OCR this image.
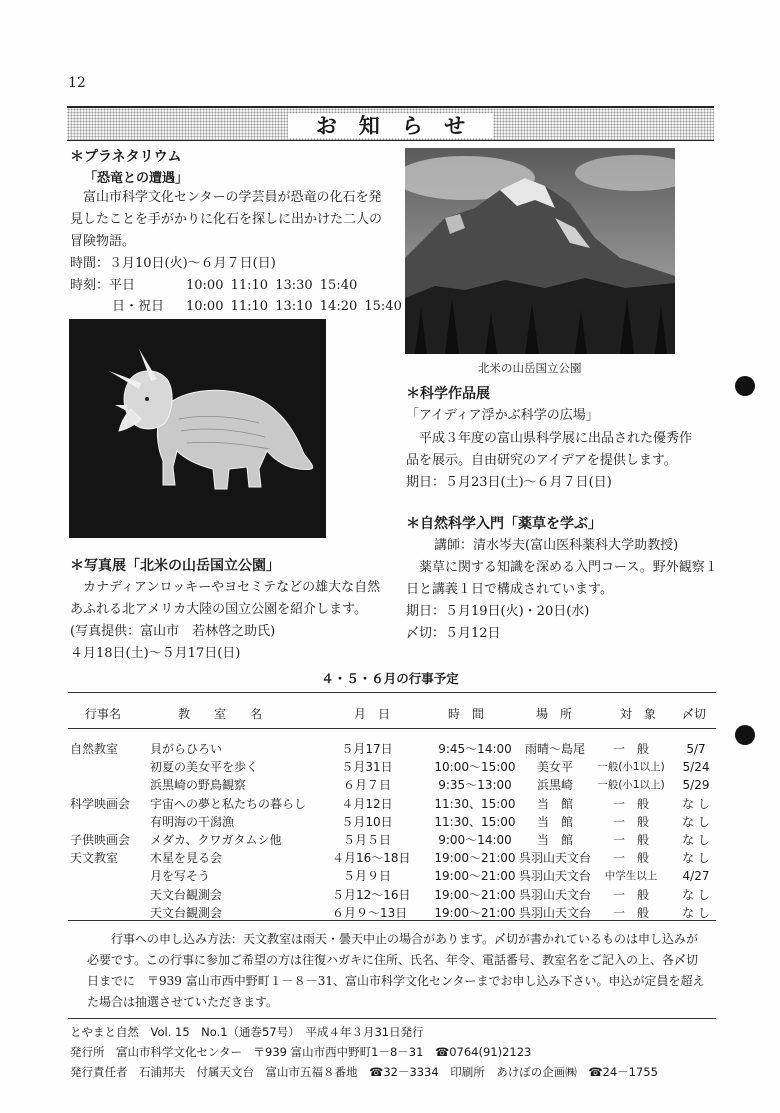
12
お知らせ
＊プラネタリウム
「恐竜との遭遇」
富山市科学文化センターの学芸員が恐竜の化石を発見したことを手がかりに化石を探しに出かけた二人の冒険物語。
時間：３月10日(火)～６月７日(日)
時刻：平日	10:00 11:10 13:30 15:40
日・祝日 10:00 11:10 13:10 14:20 15:40
北米の山岳国立公園
＊科学作品展
「アイディア浮かぶ科学の広場」
平成３年度の富山県科学展に出品された優秀作品を展示。自由研究のアイデアを提供します。
期日：５月23日(土)～６月７日(日)
＊自然科学入門「薬草を学ぶ」
講師：清水岑夫(富山医科薬科大学助教授)
薬草に関する知識を深める入門コース。野外観察１日と講義１日で構成されています。
期日：５月19日(火)・20日(水)
〆切：５月12日
＊写真展「北米の山岳国立公園」
カナディアンロッキーやヨセミテなどの雄大な自然あふれる北アメリカ大陸の国立公園を紹介します。(写真提供：富山市　若林啓之助氏)
４月18日(土)～５月17日(日)
４・５・６月の行事予定
行事名	教　　室　　名	月　日	時　間	場　所	対　象 〆切
自然教室	貝がらひろい	５月17日	9:45～14:00	雨晴～島尾	一　般	5/7
初夏の美女平を歩く	５月31日	10:00～15:00	美女平	一般(小1以上)	5/24
浜黒崎の野鳥観察	６月７日	9:35～13:00	浜黒崎	一般(小1以上)	5/29
科学映画会 宇宙への夢と私たちの暮らし	４月12日	11:30、15:00	当　館	一　般	な し
有明海の干潟漁	５月10日	11:30、15:00	当　館	一　般	な し
子供映画会 メダカ、クワガタムシ他	５月５日	9:00～14:00	当　館	一　般	な し
天文教室	木星を見る会	４月16～18日	19:00～21:00 呉羽山天文台	一　般	な し
月を写そう	５月９日	19:00～21:00 呉羽山天文台	中学生以上	4/27
天文台観測会	５月12～16日	19:00～21:00 呉羽山天文台	一　般	な し
天文台観測会	６月９～13日	19:00～21:00 呉羽山天文台	一　般	な し
行事への申し込み方法：天文教室は雨天・曇天中止の場合があります。〆切が書かれているものは申し込みが必要です。この行事に参加ご希望の方は往復ハガキに住所、氏名、年令、電話番号、教室名をご記入の上、各〆切日までに　〒939 富山市西中野町１－８－31、富山市科学文化センターまでお申し込み下さい。申込が定員を超えた場合は抽選させていただきます。
とやまと自然　Vol. 15　No.1（通巻57号）　平成４年３月31日発行
発行所　富山市科学文化センター　〒939 富山市西中野町1－8－31　☎0764(91)2123
発行責任者　石浦邦夫　付属天文台　富山市五福８番地　☎32－3334　印刷所　あけぼの企画㈱　☎24－1755
